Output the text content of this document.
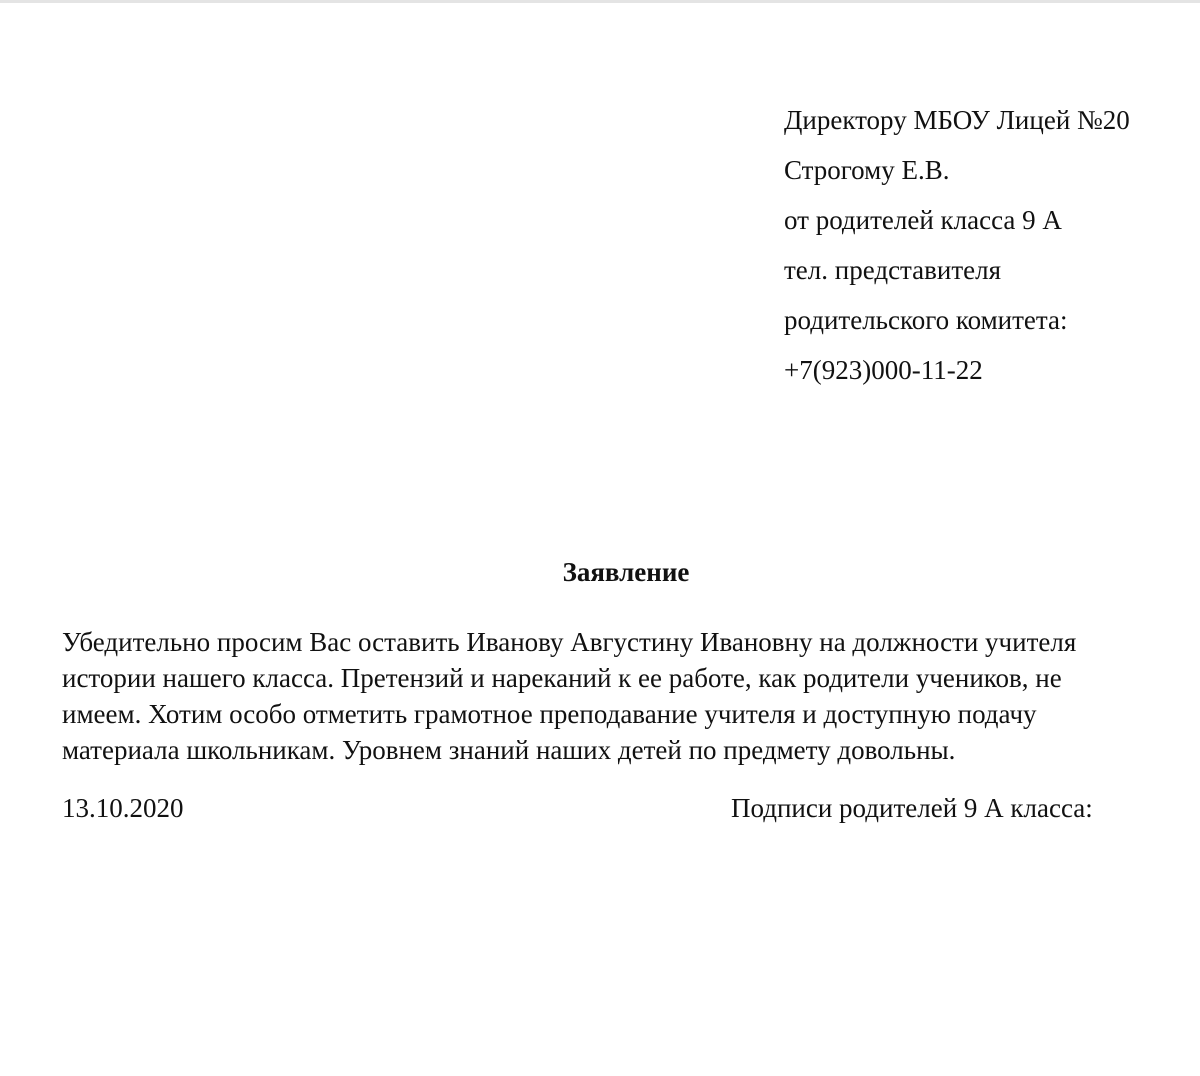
Директору МБОУ Лицей №20
Строгому Е.В.
от родителей класса 9 А
тел. представителя
родительского комитета:
+7(923)000-11-22
Заявление
Убедительно просим Вас оставить Иванову Августину Ивановну на должности учителя
истории нашего класса. Претензий и нареканий к ее работе, как родители учеников, не
имеем. Хотим особо отметить грамотное преподавание учителя и доступную подачу
материала школьникам. Уровнем знаний наших детей по предмету довольны.
13.10.2020	Подписи родителей 9 А класса:
